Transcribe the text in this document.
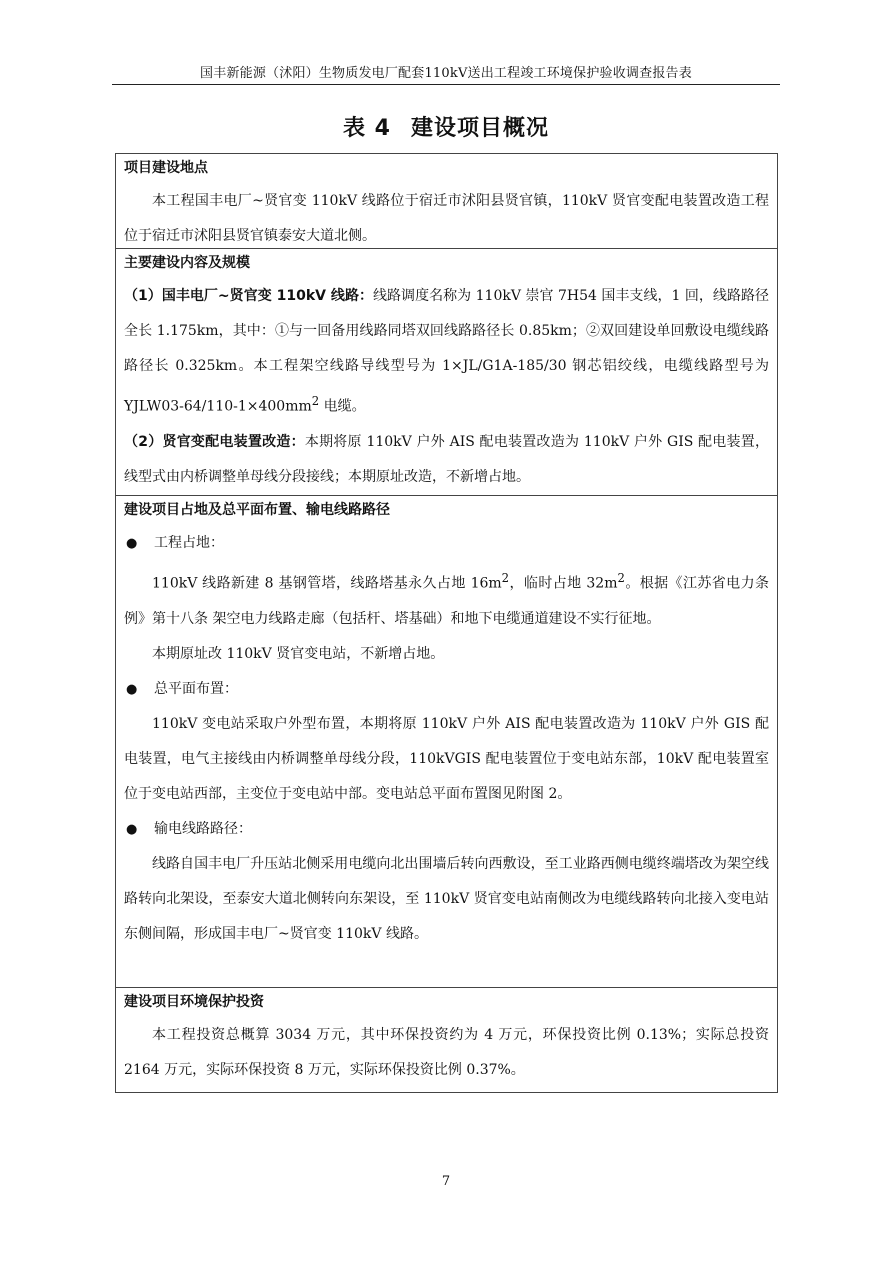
国丰新能源（沭阳）生物质发电厂配套110kV送出工程竣工环境保护验收调查报告表
表 4 建设项目概况
项目建设地点

本工程国丰电厂~贤官变 110kV 线路位于宿迁市沭阳县贤官镇，110kV 贤官变配电装置改造工程位于宿迁市沭阳县贤官镇泰安大道北侧。

主要建设内容及规模

（1）国丰电厂~贤官变 110kV 线路：线路调度名称为 110kV 崇官 7H54 国丰支线，1 回，线路路径全长 1.175km，其中：①与一回备用线路同塔双回线路路径长 0.85km；②双回建设单回敷设电缆线路路径长 0.325km。本工程架空线路导线型号为 1×JL/G1A-185/30 钢芯铝绞线，电缆线路型号为 $YJLW03-64/110-1\times 400mm^2$ 电缆。

（2）贤官变配电装置改造：本期将原 110kV 户外 AIS 配电装置改造为 110kV 户外 GIS 配电装置，线型式由内桥调整单母线分段接线；本期原址改造，不新增占地。

建设项目占地及总平面布置、输电线路路径

● 工程占地：

110kV 线路新建 8 基钢管塔，线路塔基永久占地 $16m^2$，临时占地 $32m^2$。根据《江苏省电力条例》第十八条 架空电力线路走廊（包括杆、塔基础）和地下电缆通道建设不实行征地。

本期原址改 110kV 贤官变电站，不新增占地。

● 总平面布置：

110kV 变电站采取户外型布置，本期将原 110kV 户外 AIS 配电装置改造为 110kV 户外 GIS 配电装置，电气主接线由内桥调整单母线分段，110kVGIS 配电装置位于变电站东部，10kV 配电装置室位于变电站西部，主变位于变电站中部。变电站总平面布置图见附图 2。

● 输电线路路径：

线路自国丰电厂升压站北侧采用电缆向北出围墙后转向西敷设，至工业路西侧电缆终端塔改为架空线路转向北架设，至泰安大道北侧转向东架设，至 110kV 贤官变电站南侧改为电缆线路转向北接入变电站东侧间隔，形成国丰电厂~贤官变 110kV 线路。

建设项目环境保护投资

本工程投资总概算 3034 万元，其中环保投资约为 4 万元，环保投资比例 0.13%；实际总投资 2164 万元，实际环保投资 8 万元，实际环保投资比例 0.37%。

7
